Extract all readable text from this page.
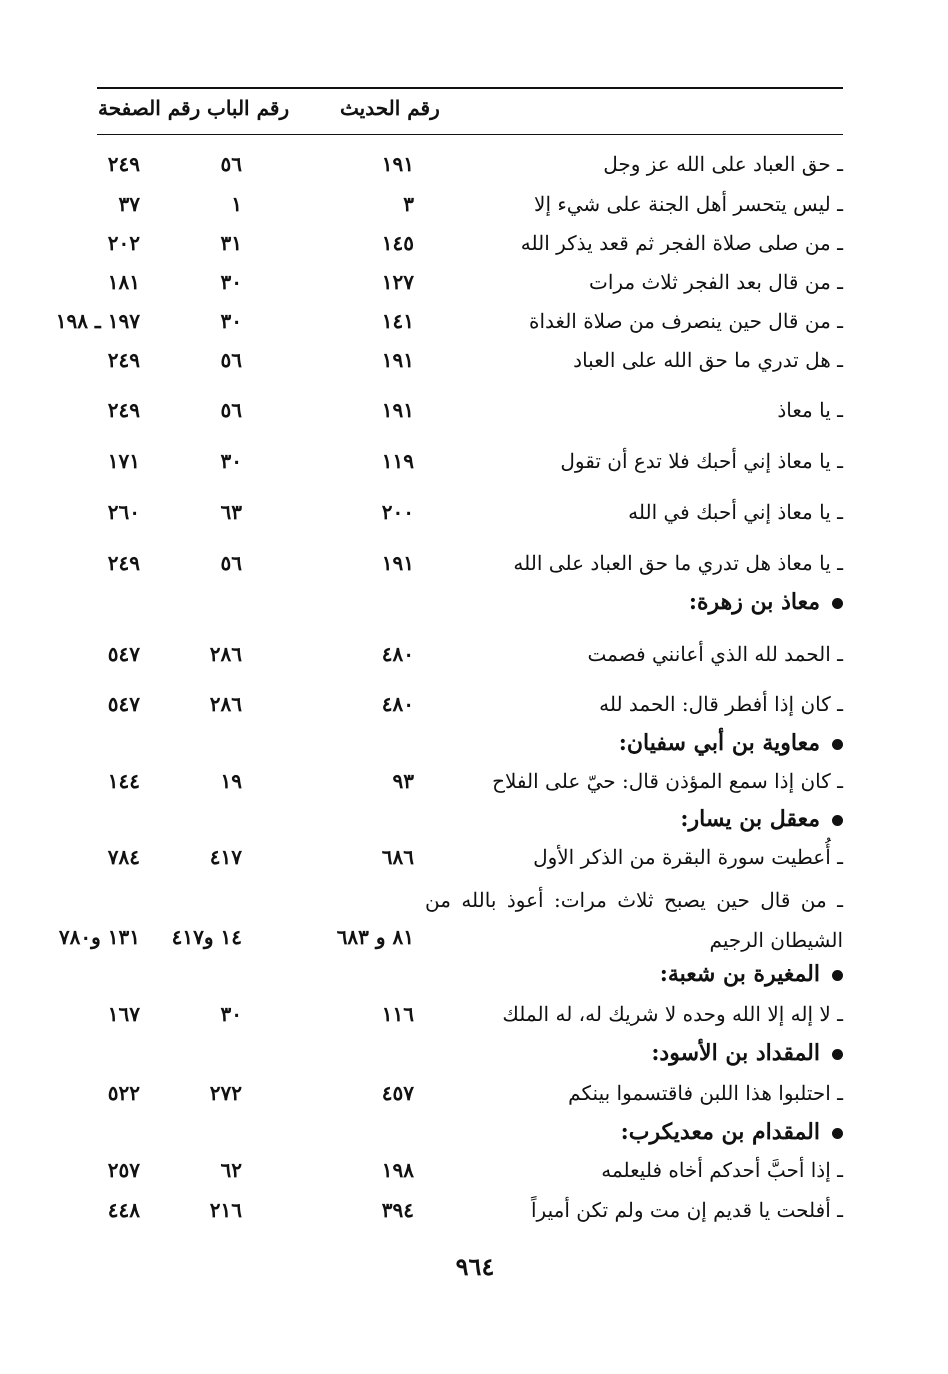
رقم الحديث
رقم الباب
رقم الصفحة
ـ حق العباد على الله عز وجل
١٩١
٥٦
٢٤٩
ـ ليس يتحسر أهل الجنة على شيء إلا
٣
١
٣٧
ـ من صلى صلاة الفجر ثم قعد يذكر الله
١٤٥
٣١
٢٠٢
ـ من قال بعد الفجر ثلاث مرات
١٢٧
٣٠
١٨١
ـ من قال حين ينصرف من صلاة الغداة
١٤١
٣٠
١٩٧ ـ ١٩٨
ـ هل تدري ما حق الله على العباد
١٩١
٥٦
٢٤٩
ـ يا معاذ
١٩١
٥٦
٢٤٩
ـ يا معاذ إني أحبك فلا تدع أن تقول
١١٩
٣٠
١٧١
ـ يا معاذ إني أحبك في الله
٢٠٠
٦٣
٢٦٠
ـ يا معاذ هل تدري ما حق العباد على الله
١٩١
٥٦
٢٤٩
معاذ بن زهرة:
ـ الحمد لله الذي أعانني فصمت
٤٨٠
٢٨٦
٥٤٧
ـ كان إذا أفطر قال: الحمد لله
٤٨٠
٢٨٦
٥٤٧
معاوية بن أبي سفيان:
ـ كان إذا سمع المؤذن قال: حيّ على الفلاح
٩٣
١٩
١٤٤
معقل بن يسار:
ـ أُعطيت سورة البقرة من الذكر الأول
٦٨٦
٤١٧
٧٨٤
ـ من قال حين يصبح ثلاث مرات: أعوذ بالله من الشيطان الرجيم
٨١ و ٦٨٣
١٤ و٤١٧
١٣١ و٧٨٠
المغيرة بن شعبة:
ـ لا إله إلا الله وحده لا شريك له، له الملك
١١٦
٣٠
١٦٧
المقداد بن الأسود:
ـ احتلبوا هذا اللبن فاقتسموا بينكم
٤٥٧
٢٧٢
٥٢٢
المقدام بن معديكرب:
ـ إذا أحبَّ أحدكم أخاه فليعلمه
١٩٨
٦٢
٢٥٧
ـ أفلحت يا قديم إن مت ولم تكن أميراً
٣٩٤
٢١٦
٤٤٨
٩٦٤
